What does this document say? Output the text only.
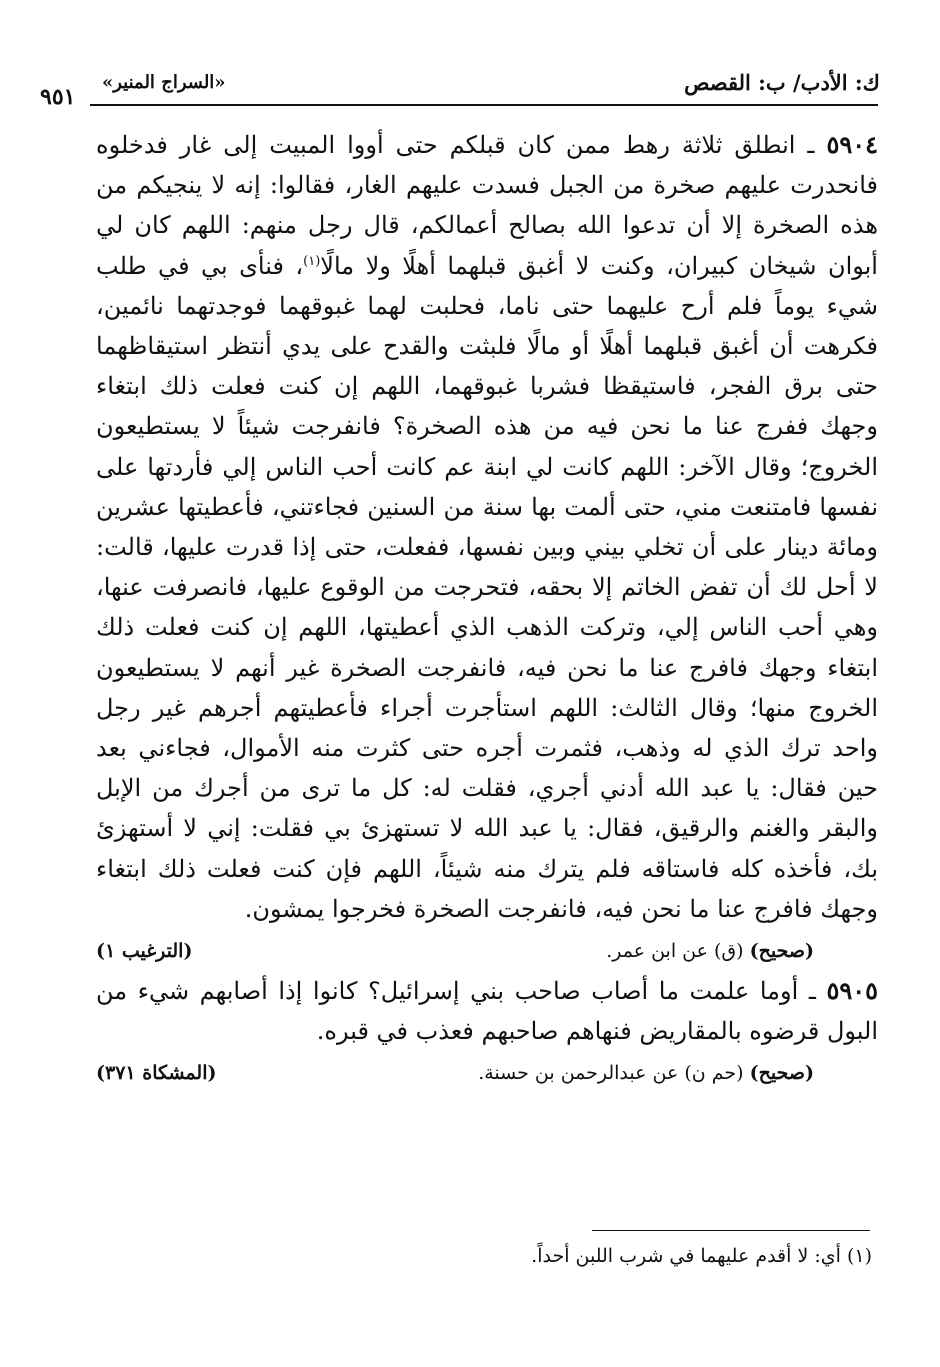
ك: الأدب/ ب: القصص
«السراج المنير»
٩٥١

٥٩٠٤ ـ انطلق ثلاثة رهط ممن كان قبلكم حتى أووا المبيت إلى غار فدخلوه فانحدرت عليهم صخرة من الجبل فسدت عليهم الغار، فقالوا: إنه لا ينجيكم من هذه الصخرة إلا أن تدعوا الله بصالح أعمالكم، قال رجل منهم: اللهم كان لي أبوان شيخان كبيران، وكنت لا أغبق قبلهما أهلًا ولا مالًا$^{(١)}$، فنأى بي في طلب شيء يوماً فلم أرح عليهما حتى ناما، فحلبت لهما غبوقهما فوجدتهما نائمين، فكرهت أن أغبق قبلهما أهلًا أو مالًا فلبثت والقدح على يدي أنتظر استيقاظهما حتى برق الفجر، فاستيقظا فشربا غبوقهما، اللهم إن كنت فعلت ذلك ابتغاء وجهك ففرج عنا ما نحن فيه من هذه الصخرة؟ فانفرجت شيئاً لا يستطيعون الخروج؛ وقال الآخر: اللهم كانت لي ابنة عم كانت أحب الناس إلي فأردتها على نفسها فامتنعت مني، حتى ألمت بها سنة من السنين فجاءتني، فأعطيتها عشرين ومائة دينار على أن تخلي بيني وبين نفسها، ففعلت، حتى إذا قدرت عليها، قالت: لا أحل لك أن تفض الخاتم إلا بحقه، فتحرجت من الوقوع عليها، فانصرفت عنها، وهي أحب الناس إلي، وتركت الذهب الذي أعطيتها، اللهم إن كنت فعلت ذلك ابتغاء وجهك فافرج عنا ما نحن فيه، فانفرجت الصخرة غير أنهم لا يستطيعون الخروج منها؛ وقال الثالث: اللهم استأجرت أجراء فأعطيتهم أجرهم غير رجل واحد ترك الذي له وذهب، فثمرت أجره حتى كثرت منه الأموال، فجاءني بعد حين فقال: يا عبد الله أدني أجري، فقلت له: كل ما ترى من أجرك من الإبل والبقر والغنم والرقيق، فقال: يا عبد الله لا تستهزئ بي فقلت: إني لا أستهزئ بك، فأخذه كله فاستاقه فلم يترك منه شيئاً، اللهم فإن كنت فعلت ذلك ابتغاء وجهك فافرج عنا ما نحن فيه، فانفرجت الصخرة فخرجوا يمشون.

(صحيح) (ق) عن ابن عمر.
(الترغيب ١)

٥٩٠٥ ـ أوما علمت ما أصاب صاحب بني إسرائيل؟ كانوا إذا أصابهم شيء من البول قرضوه بالمقاريض فنهاهم صاحبهم فعذب في قبره.

(صحيح) (حم ن) عن عبدالرحمن بن حسنة.
(المشكاة ٣٧١)
(١) أي: لا أقدم عليهما في شرب اللبن أحداً.
